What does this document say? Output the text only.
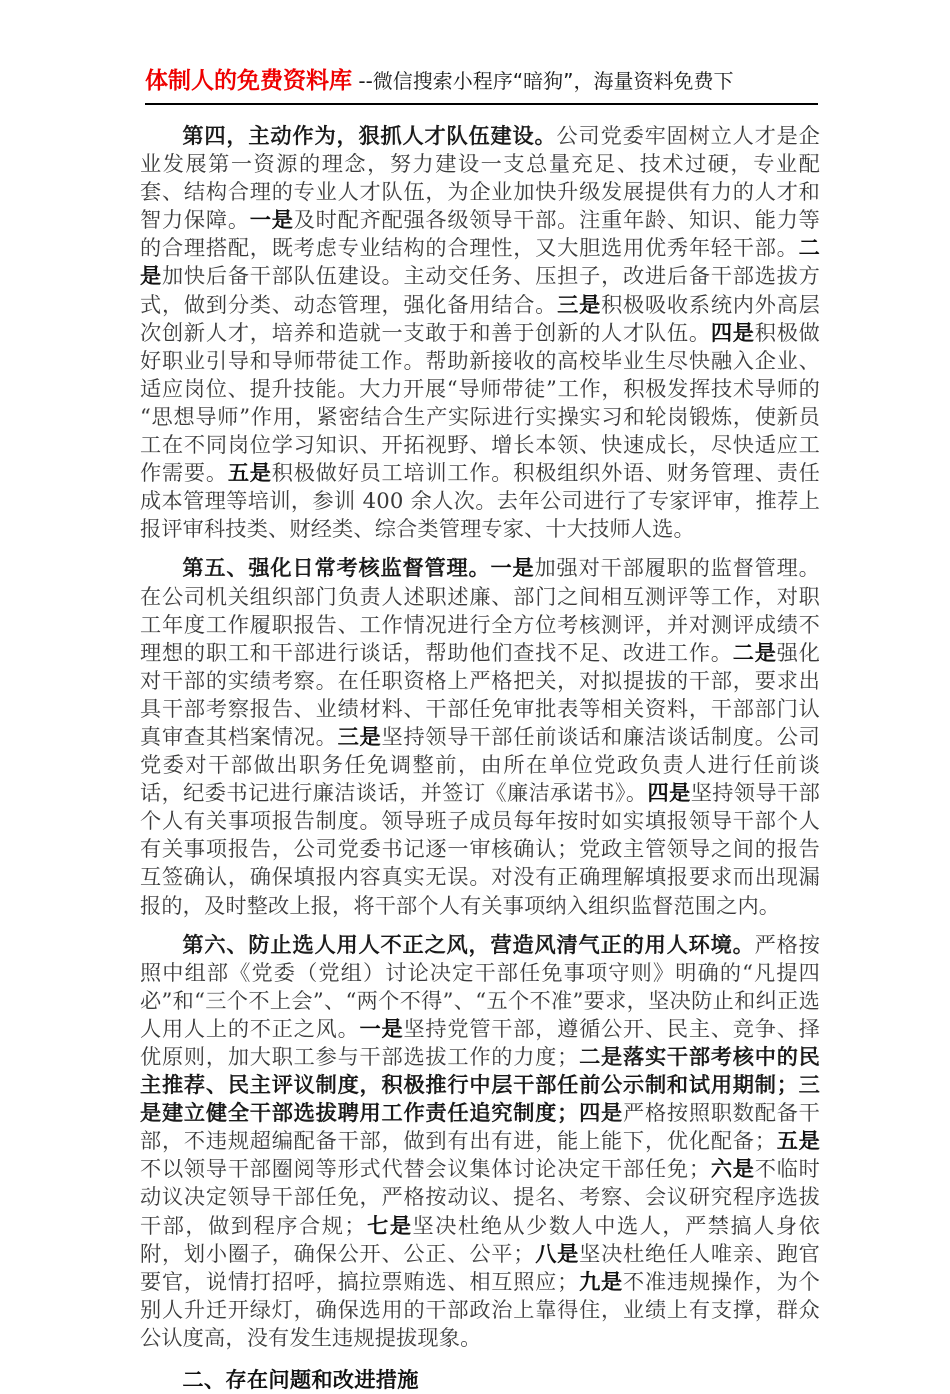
体制人的免费资料库 --微信搜索小程序“暗狗”，海量资料免费下

第四，主动作为，狠抓人才队伍建设。公司党委牢固树立人才是企业发展第一资源的理念，努力建设一支总量充足、技术过硬，专业配套、结构合理的专业人才队伍，为企业加快升级发展提供有力的人才和智力保障。一是及时配齐配强各级领导干部。注重年龄、知识、能力等的合理搭配，既考虑专业结构的合理性，又大胆选用优秀年轻干部。二是加快后备干部队伍建设。主动交任务、压担子，改进后备干部选拔方式，做到分类、动态管理，强化备用结合。三是积极吸收系统内外高层次创新人才，培养和造就一支敢于和善于创新的人才队伍。四是积极做好职业引导和导师带徒工作。帮助新接收的高校毕业生尽快融入企业、适应岗位、提升技能。大力开展“导师带徒”工作，积极发挥技术导师的“思想导师”作用，紧密结合生产实际进行实操实习和轮岗锻炼，使新员工在不同岗位学习知识、开拓视野、增长本领、快速成长，尽快适应工作需要。五是积极做好员工培训工作。积极组织外语、财务管理、责任成本管理等培训，参训 400 余人次。去年公司进行了专家评审，推荐上报评审科技类、财经类、综合类管理专家、十大技师人选。

第五、强化日常考核监督管理。一是加强对干部履职的监督管理。在公司机关组织部门负责人述职述廉、部门之间相互测评等工作，对职工年度工作履职报告、工作情况进行全方位考核测评，并对测评成绩不理想的职工和干部进行谈话，帮助他们查找不足、改进工作。二是强化对干部的实绩考察。在任职资格上严格把关，对拟提拔的干部，要求出具干部考察报告、业绩材料、干部任免审批表等相关资料，干部部门认真审查其档案情况。三是坚持领导干部任前谈话和廉洁谈话制度。公司党委对干部做出职务任免调整前，由所在单位党政负责人进行任前谈话，纪委书记进行廉洁谈话，并签订《廉洁承诺书》。四是坚持领导干部个人有关事项报告制度。领导班子成员每年按时如实填报领导干部个人有关事项报告，公司党委书记逐一审核确认；党政主管领导之间的报告互签确认，确保填报内容真实无误。对没有正确理解填报要求而出现漏报的，及时整改上报，将干部个人有关事项纳入组织监督范围之内。

第六、防止选人用人不正之风，营造风清气正的用人环境。严格按照中组部《党委（党组）讨论决定干部任免事项守则》明确的“凡提四必”和“三个不上会”、“两个不得”、“五个不准”要求，坚决防止和纠正选人用人上的不正之风。一是坚持党管干部，遵循公开、民主、竞争、择优原则，加大职工参与干部选拔工作的力度；二是落实干部考核中的民主推荐、民主评议制度，积极推行中层干部任前公示制和试用期制；三是建立健全干部选拔聘用工作责任追究制度；四是严格按照职数配备干部，不违规超编配备干部，做到有出有进，能上能下，优化配备；五是不以领导干部圈阅等形式代替会议集体讨论决定干部任免；六是不临时动议决定领导干部任免，严格按动议、提名、考察、会议研究程序选拔干部，做到程序合规；七是坚决杜绝从少数人中选人，严禁搞人身依附，划小圈子，确保公开、公正、公平；八是坚决杜绝任人唯亲、跑官要官，说情打招呼，搞拉票贿选、相互照应；九是不准违规操作，为个别人升迁开绿灯，确保选用的干部政治上靠得住，业绩上有支撑，群众公认度高，没有发生违规提拔现象。

二、存在问题和改进措施
